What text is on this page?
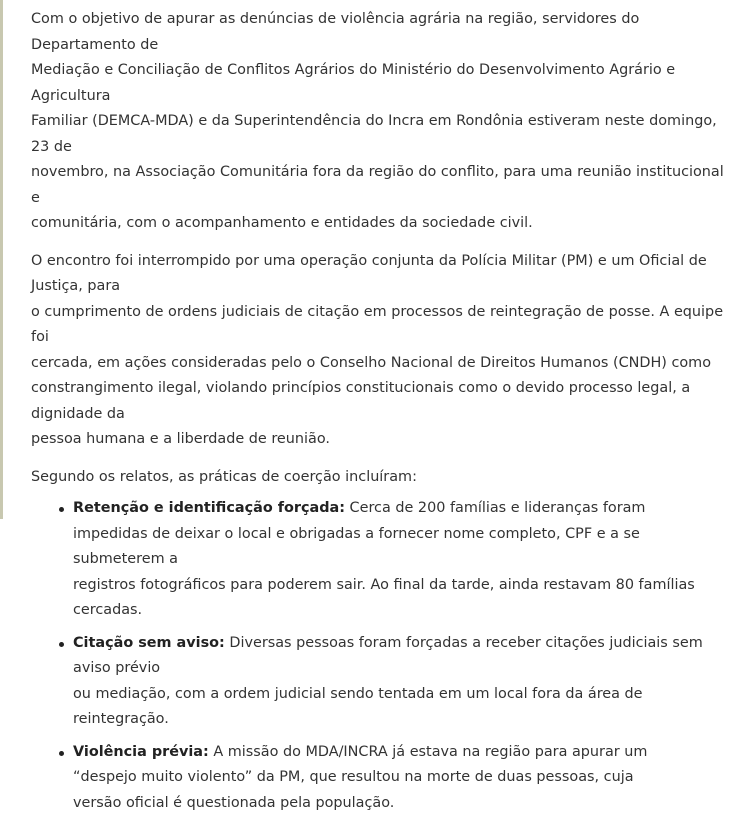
Com o objetivo de apurar as denúncias de violência agrária na região, servidores do Departamento de
Mediação e Conciliação de Conflitos Agrários do Ministério do Desenvolvimento Agrário e Agricultura
Familiar (DEMCA-MDA) e da Superintendência do Incra em Rondônia estiveram neste domingo, 23 de
novembro, na Associação Comunitária fora da região do conflito, para uma reunião institucional e
comunitária, com o acompanhamento e entidades da sociedade civil.

O encontro foi interrompido por uma operação conjunta da Polícia Militar (PM) e um Oficial de Justiça, para
o cumprimento de ordens judiciais de citação em processos de reintegração de posse. A equipe foi
cercada, em ações consideradas pelo o Conselho Nacional de Direitos Humanos (CNDH) como
constrangimento ilegal, violando princípios constitucionais como o devido processo legal, a dignidade da
pessoa humana e a liberdade de reunião.

Segundo os relatos, as práticas de coerção incluíram:

Retenção e identificação forçada: Cerca de 200 famílias e lideranças foram
impedidas de deixar o local e obrigadas a fornecer nome completo, CPF e a se submeterem a
registros fotográficos para poderem sair. Ao final da tarde, ainda restavam 80 famílias cercadas.
Citação sem aviso: Diversas pessoas foram forçadas a receber citações judiciais sem aviso prévio
ou mediação, com a ordem judicial sendo tentada em um local fora da área de reintegração.
Violência prévia: A missão do MDA/INCRA já estava na região para apurar um
“despejo muito violento” da PM, que resultou na morte de duas pessoas, cuja
versão oficial é questionada pela população.
